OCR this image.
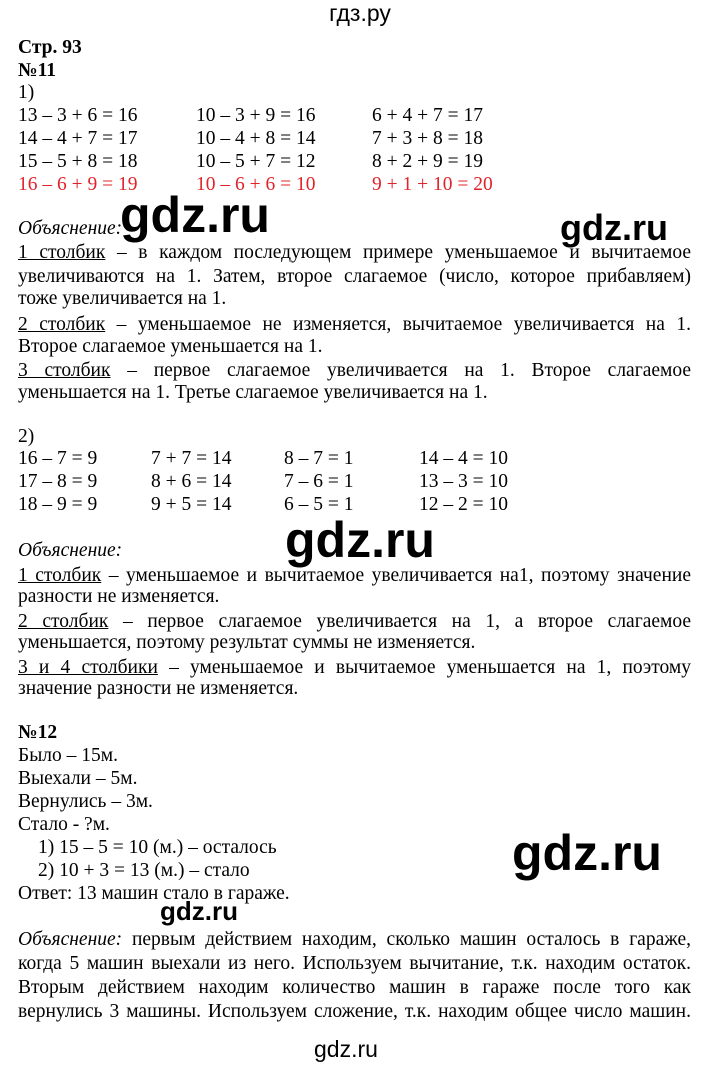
гдз.ру
Стр. 93
№11
1)
13 – 3 + 6 = 16	10 – 3 + 9 = 16	6 + 4 + 7 = 17
14 – 4 + 7 = 17	10 – 4 + 8 = 14	7 + 3 + 8 = 18
15 – 5 + 8 = 18	10 – 5 + 7 = 12	8 + 2 + 9 = 19
16 – 6 + 9 = 19	10 – 6 + 6 = 10	9 + 1 + 10 = 20
Объяснение:
1 столбик – в каждом последующем примере уменьшаемое и вычитаемое
увеличиваются на 1. Затем, второе слагаемое (число, которое прибавляем)
тоже увеличивается на 1.
2 столбик – уменьшаемое не изменяется, вычитаемое увеличивается на 1.
Второе слагаемое уменьшается на 1.
3 столбик – первое слагаемое увеличивается на 1. Второе слагаемое
уменьшается на 1. Третье слагаемое увеличивается на 1.
2)
16 – 7 = 9	7 + 7 = 14	8 – 7 = 1	14 – 4 = 10
17 – 8 = 9	8 + 6 = 14	7 – 6 = 1	13 – 3 = 10
18 – 9 = 9	9 + 5 = 14	6 – 5 = 1	12 – 2 = 10
Объяснение:
1 столбик – уменьшаемое и вычитаемое увеличивается на1, поэтому значение
разности не изменяется.
2 столбик – первое слагаемое увеличивается на 1, а второе слагаемое
уменьшается, поэтому результат суммы не изменяется.
3 и 4 столбики – уменьшаемое и вычитаемое уменьшается на 1, поэтому
значение разности не изменяется.
№12
Было – 15м.
Выехали – 5м.
Вернулись – 3м.
Стало - ?м.
1) 15 – 5 = 10 (м.) – осталось
2) 10 + 3 = 13 (м.) – стало
Ответ: 13 машин стало в гараже.
Объяснение: первым действием находим, сколько машин осталось в гараже,
когда 5 машин выехали из него. Используем вычитание, т.к. находим остаток.
Вторым действием находим количество машин в гараже после того как
вернулись 3 машины. Используем сложение, т.к. находим общее число машин.
gdz.ru	gdz.ru
gdz.ru
gdz.ru
gdz.ru
gdz.ru
